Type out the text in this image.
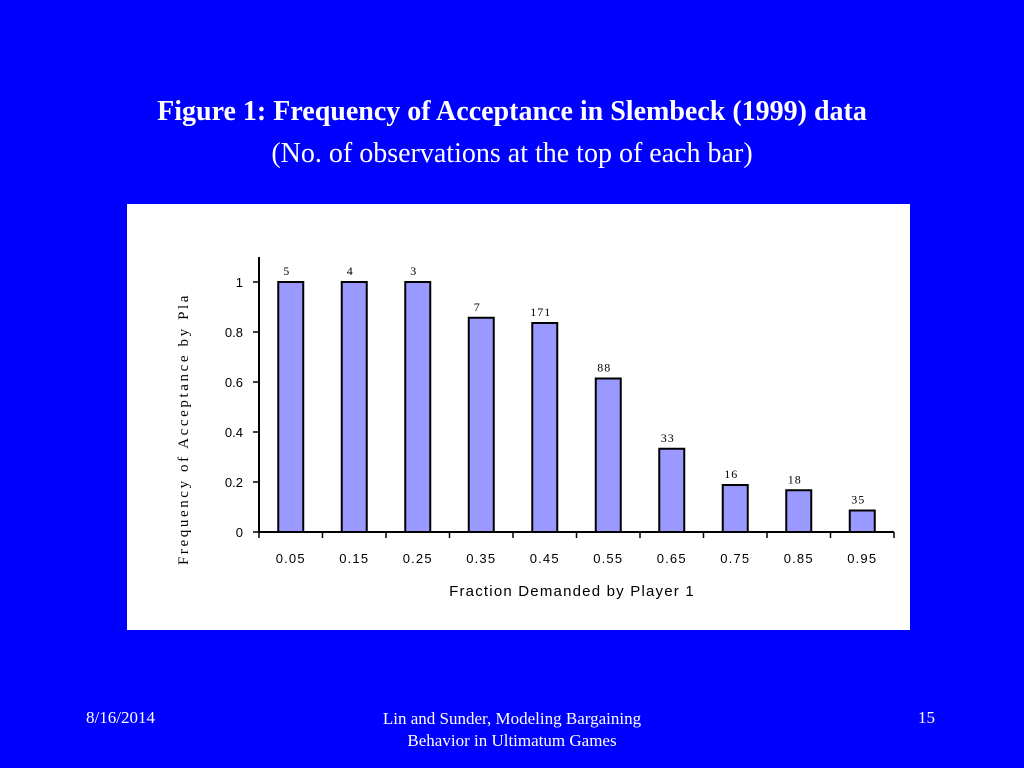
Figure 1: Frequency of Acceptance in Slembeck (1999) data
(No. of observations at the top of each bar)
Frequency of Acceptance by Pla
Fraction Demanded by Player 1
0
0.2
0.4
0.6
0.8
1
5
0.05
4
0.15
3
0.25
7
0.35
171
0.45
88
0.55
33
0.65
16
0.75
18
0.85
35
0.95
8/16/2014	Lin and Sunder, Modeling Bargaining
Behavior in Ultimatum Games
15
